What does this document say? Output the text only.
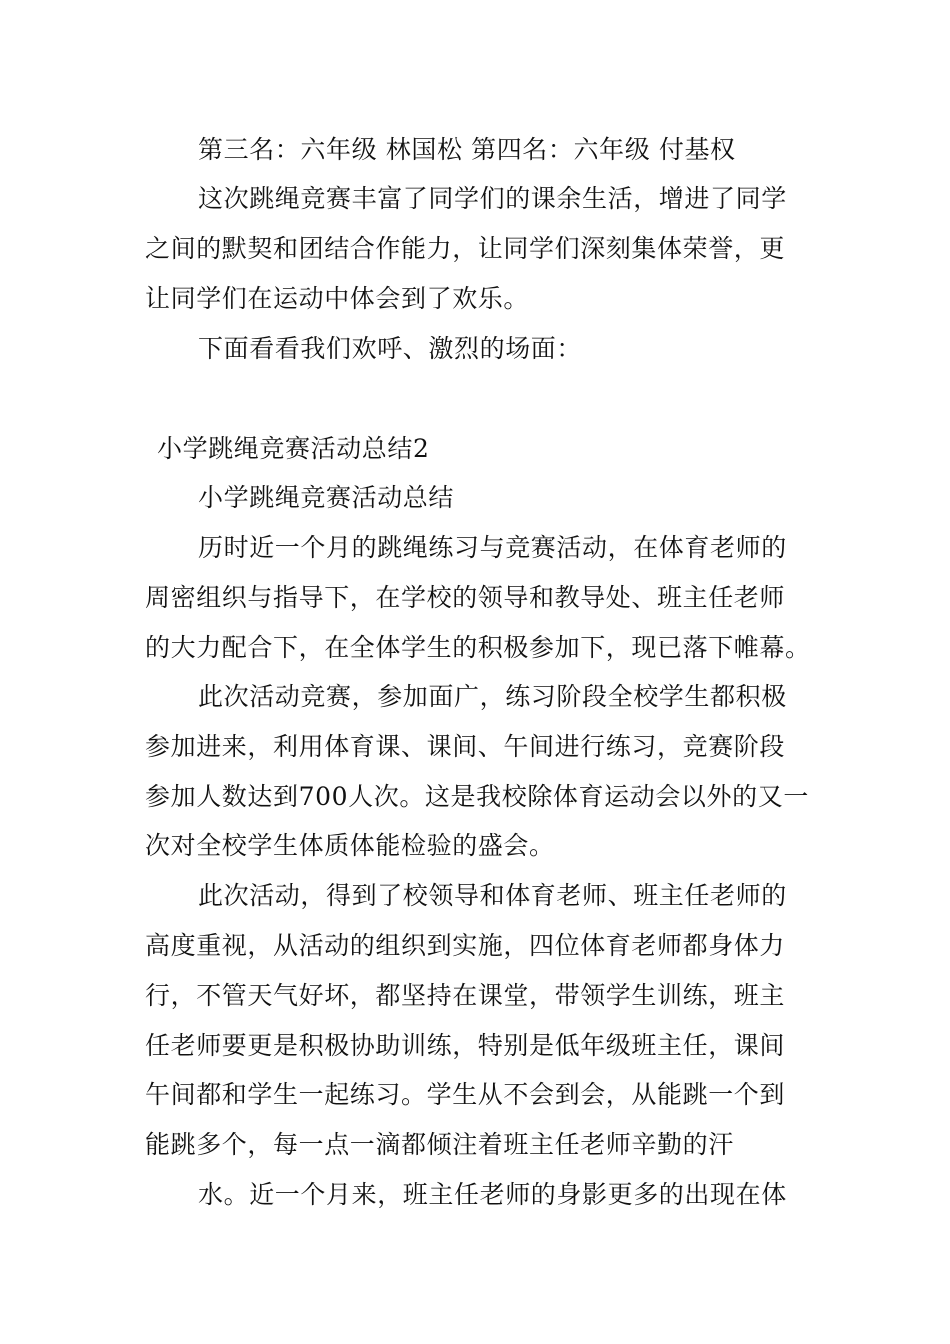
第三名：六年级 林国松 第四名：六年级 付基权
这次跳绳竞赛丰富了同学们的课余生活，增进了同学
之间的默契和团结合作能力，让同学们深刻集体荣誉，更
让同学们在运动中体会到了欢乐。
下面看看我们欢呼、激烈的场面：
小学跳绳竞赛活动总结2
小学跳绳竞赛活动总结
历时近一个月的跳绳练习与竞赛活动，在体育老师的
周密组织与指导下，在学校的领导和教导处、班主任老师
的大力配合下，在全体学生的积极参加下，现已落下帷幕。
此次活动竞赛，参加面广，练习阶段全校学生都积极
参加进来，利用体育课、课间、午间进行练习，竞赛阶段
参加人数达到700人次。这是我校除体育运动会以外的又一
次对全校学生体质体能检验的盛会。
此次活动，得到了校领导和体育老师、班主任老师的
高度重视，从活动的组织到实施，四位体育老师都身体力
行，不管天气好坏，都坚持在课堂，带领学生训练，班主
任老师要更是积极协助训练，特别是低年级班主任，课间
午间都和学生一起练习。学生从不会到会，从能跳一个到
能跳多个，每一点一滴都倾注着班主任老师辛勤的汗
水。近一个月来，班主任老师的身影更多的出现在体
